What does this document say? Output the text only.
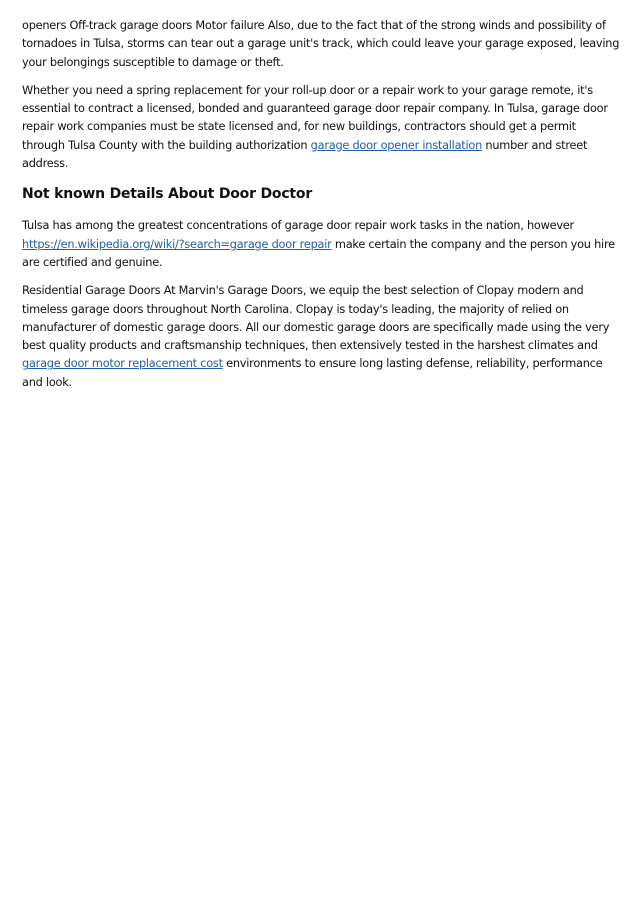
openers Off-track garage doors Motor failure Also, due to the fact that of the strong winds and possibility of tornadoes in Tulsa, storms can tear out a garage unit's track, which could leave your garage exposed, leaving your belongings susceptible to damage or theft.

Whether you need a spring replacement for your roll-up door or a repair work to your garage remote, it's essential to contract a licensed, bonded and guaranteed garage door repair company. In Tulsa, garage door repair work companies must be state licensed and, for new buildings, contractors should get a permit through Tulsa County with the building authorization garage door opener installation number and street address.

Not known Details About Door Doctor

Tulsa has among the greatest concentrations of garage door repair work tasks in the nation, however https://en.wikipedia.org/wiki/?search=garage door repair make certain the company and the person you hire are certified and genuine.

Residential Garage Doors At Marvin's Garage Doors, we equip the best selection of Clopay modern and timeless garage doors throughout North Carolina. Clopay is today's leading, the majority of relied on manufacturer of domestic garage doors. All our domestic garage doors are specifically made using the very best quality products and craftsmanship techniques, then extensively tested in the harshest climates and garage door motor replacement cost environments to ensure long lasting defense, reliability, performance and look.
